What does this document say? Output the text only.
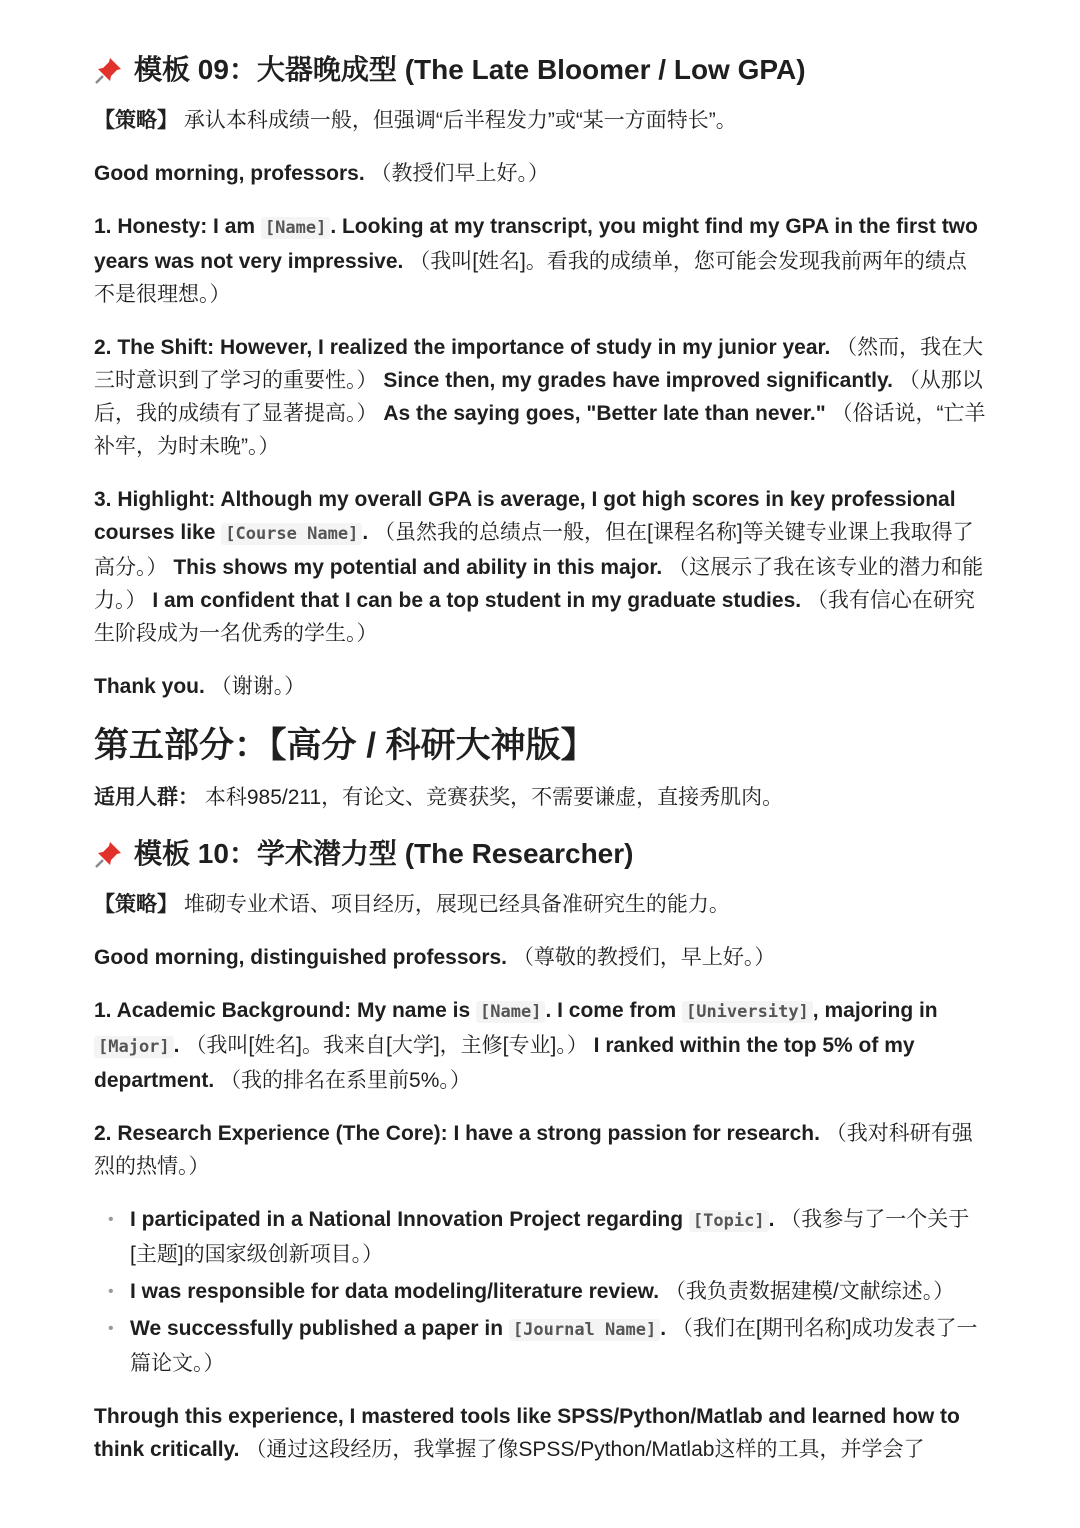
模板 09：大器晚成型 (The Late Bloomer / Low GPA)

【策略】 承认本科成绩一般，但强调“后半程发力”或“某一方面特长”。

Good morning, professors. （教授们早上好。）

1. Honesty: I am [Name] . Looking at my transcript, you might find my GPA in the first two years was not very impressive. （我叫[姓名]。看我的成绩单，您可能会发现我前两年的绩点不是很理想。）

2. The Shift: However, I realized the importance of study in my junior year. （然而，我在大三时意识到了学习的重要性。） Since then, my grades have improved significantly. （从那以后，我的成绩有了显著提高。） As the saying goes, "Better late than never." （俗话说，“亡羊补牢，为时未晚”。）

3. Highlight: Although my overall GPA is average, I got high scores in key professional courses like [Course Name] . （虽然我的总绩点一般，但在[课程名称]等关键专业课上我取得了高分。） This shows my potential and ability in this major. （这展示了我在该专业的潜力和能力。） I am confident that I can be a top student in my graduate studies. （我有信心在研究生阶段成为一名优秀的学生。）

Thank you. （谢谢。）

第五部分：【高分 / 科研大神版】

适用人群： 本科985/211，有论文、竞赛获奖，不需要谦虚，直接秀肌肉。

模板 10：学术潜力型 (The Researcher)

【策略】 堆砌专业术语、项目经历，展现已经具备准研究生的能力。

Good morning, distinguished professors. （尊敬的教授们，早上好。）

1. Academic Background: My name is [Name] . I come from [University] , majoring in [Major] . （我叫[姓名]。我来自[大学]，主修[专业]。） I ranked within the top 5% of my department. （我的排名在系里前5%。）

2. Research Experience (The Core): I have a strong passion for research. （我对科研有强烈的热情。）

• I participated in a National Innovation Project regarding [Topic] . （我参与了一个关于[主题]的国家级创新项目。）
• I was responsible for data modeling/literature review. （我负责数据建模/文献综述。）
• We successfully published a paper in [Journal Name] . （我们在[期刊名称]成功发表了一篇论文。）

Through this experience, I mastered tools like SPSS/Python/Matlab and learned how to think critically. （通过这段经历，我掌握了像SPSS/Python/Matlab这样的工具，并学会了
